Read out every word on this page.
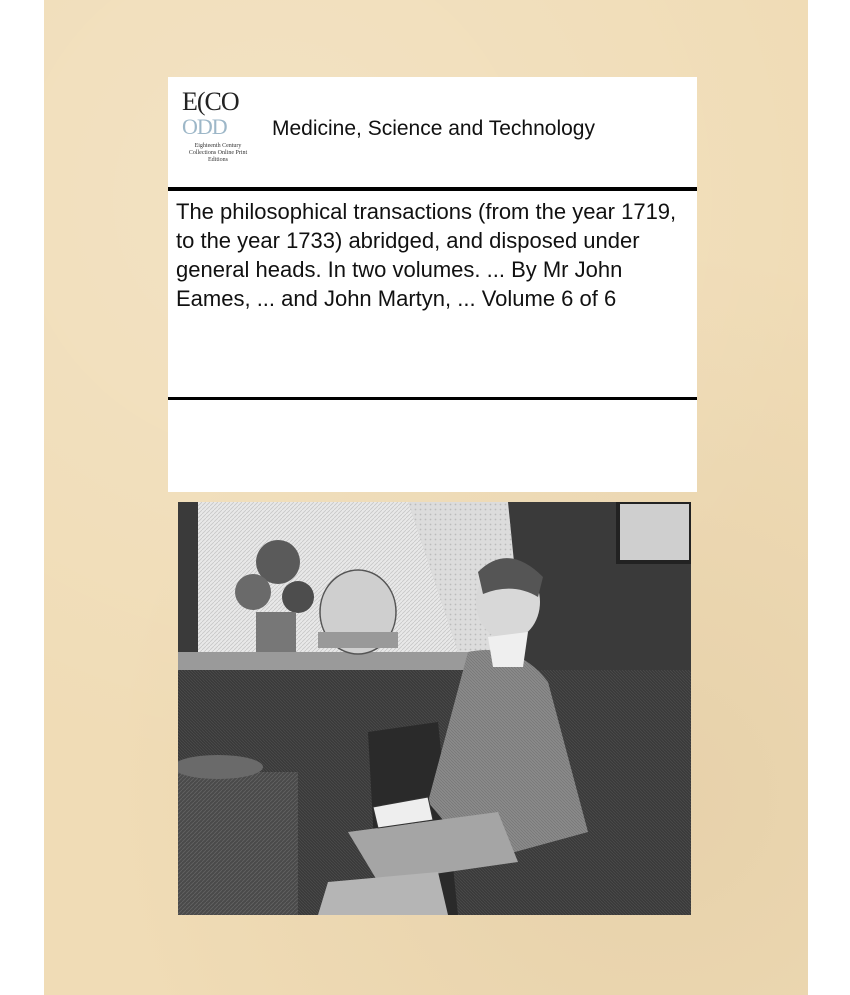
E(CO
ODD
Eighteenth Century Collections Online Print Editions
Medicine, Science and Technology
The philosophical transactions (from the year 1719, to the year 1733) abridged, and disposed under general heads. In two volumes. ... By Mr John Eames, ... and John Martyn, ... Volume 6 of 6
